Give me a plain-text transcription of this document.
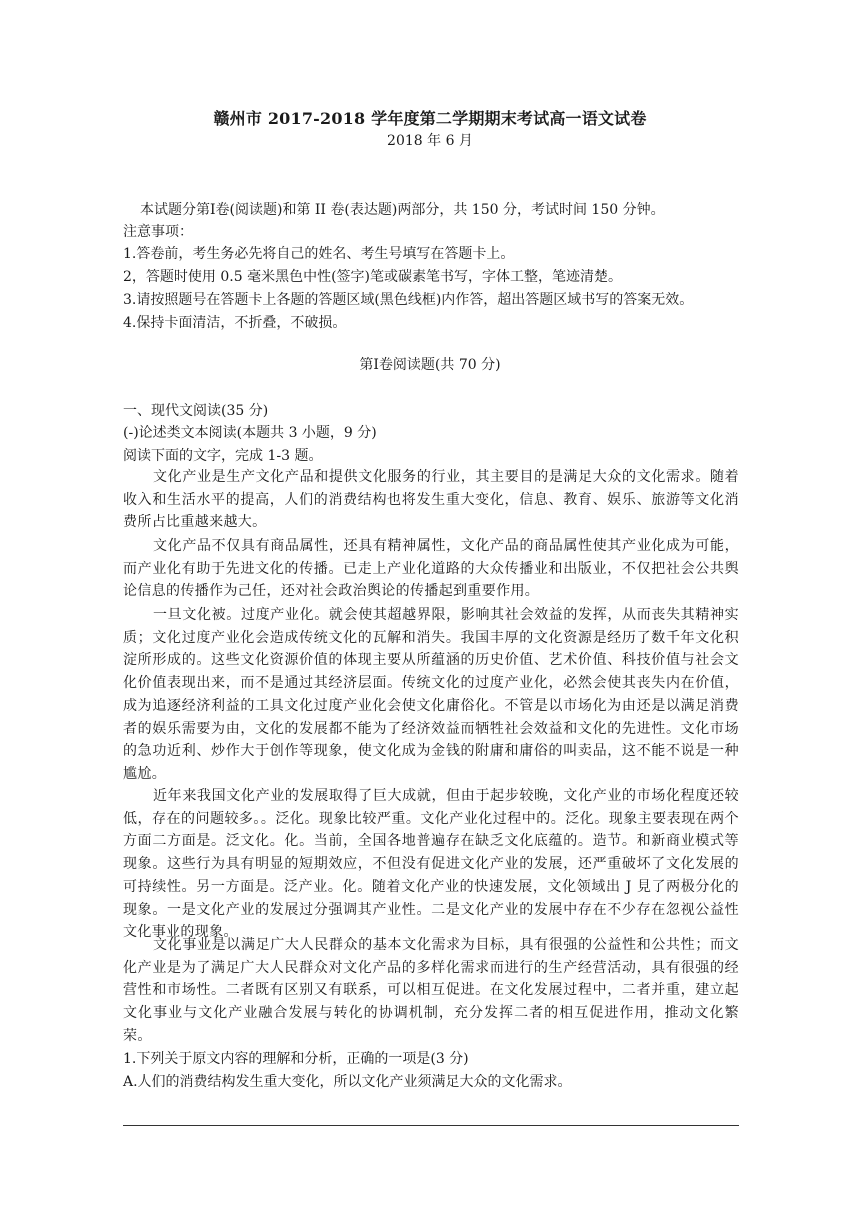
赣州市 2017-2018 学年度第二学期期末考试高一语文试卷
2018 年 6 月
本试题分第Ⅰ卷(阅读题)和第 II 卷(表达题)两部分，共 150 分，考试时间 150 分钟。
注意事项：
1.答卷前，考生务必先将自己的姓名、考生号填写在答题卡上。
2，答题时使用 0.5 毫米黑色中性(签字)笔或碳素笔书写，字体工整，笔迹清楚。
3.请按照题号在答题卡上各题的答题区域(黑色线框)内作答，超出答题区域书写的答案无效。
4.保持卡面清洁，不折叠，不破损。
第Ⅰ卷阅读题(共 70 分)
一、现代文阅读(35 分)
(-)论述类文本阅读(本题共 3 小题，9 分)
阅读下面的文字，完成 1-3 题。

文化产业是生产文化产品和提供文化服务的行业，其主要目的是满足大众的文化需求。随着收入和生活水平的提高，人们的消费结构也将发生重大变化，信息、教育、娱乐、旅游等文化消费所占比重越来越大。

文化产品不仅具有商品属性，还具有精神属性，文化产品的商品属性使其产业化成为可能，而产业化有助于先进文化的传播。已走上产业化道路的大众传播业和出版业，不仅把社会公共舆论信息的传播作为己任，还对社会政治舆论的传播起到重要作用。

一旦文化被。过度产业化。就会使其超越界限，影响其社会效益的发挥，从而丧失其精神实质；文化过度产业化会造成传统文化的瓦解和消失。我国丰厚的文化资源是经历了数千年文化积淀所形成的。这些文化资源价值的体现主要从所蕴涵的历史价值、艺术价值、科技价值与社会文化价值表现出来，而不是通过其经济层面。传统文化的过度产业化，必然会使其丧失内在价值，成为追逐经济利益的工具文化过度产业化会使文化庸俗化。不管是以市场化为由还是以满足消费者的娱乐需要为由，文化的发展都不能为了经济效益而牺牲社会效益和文化的先进性。文化市场的急功近利、炒作大于创作等现象，使文化成为金钱的附庸和庸俗的叫卖品，这不能不说是一种尴尬。

近年来我国文化产业的发展取得了巨大成就，但由于起步较晚，文化产业的市场化程度还较低，存在的问题较多。。泛化。现象比较严重。文化产业化过程中的。泛化。现象主要表现在两个方面二方面是。泛文化。化。当前，全国各地普遍存在缺乏文化底蕴的。造节。和新商业模式等现象。这些行为具有明显的短期效应，不但没有促进文化产业的发展，还严重破坏了文化发展的可持续性。另一方面是。泛产业。化。随着文化产业的快速发展，文化领域出 J 見了两极分化的现象。一是文化产业的发展过分强调其产业性。二是文化产业的发展中存在不少存在忽视公益性文化事业的现象。

文化事业是以满足广大人民群众的基本文化需求为目标，具有很强的公益性和公共性；而文化产业是为了满足广大人民群众对文化产品的多样化需求而进行的生产经营活动，具有很强的经营性和市场性。二者既有区别又有联系，可以相互促进。在文化发展过程中，二者并重，建立起文化事业与文化产业融合发展与转化的协调机制，充分发挥二者的相互促进作用，推动文化繁荣。

1.下列关于原文内容的理解和分析，正确的一项是(3 分)
A.人们的消费结构发生重大变化，所以文化产业须满足大众的文化需求。
